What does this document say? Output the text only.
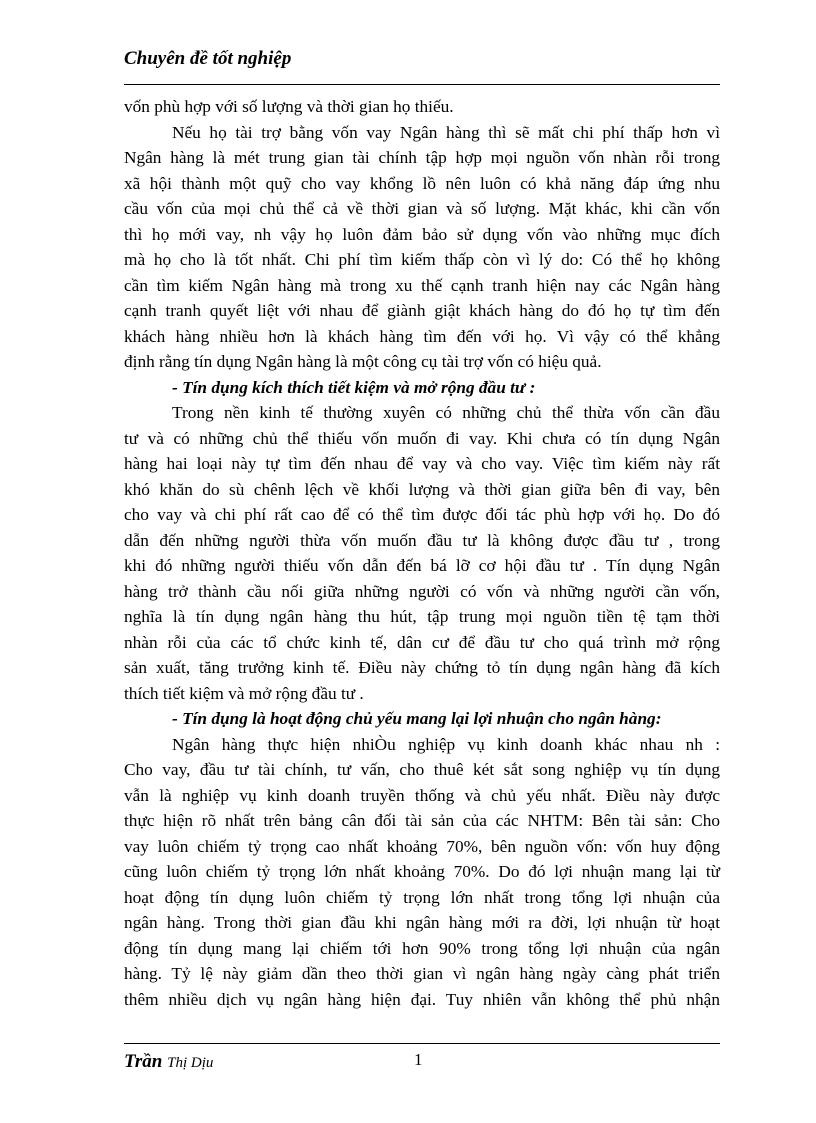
Chuyên đề tốt nghiệp
vốn phù hợp với số lượng và thời gian họ thiếu.
Nếu họ tài trợ bằng vốn vay Ngân hàng thì sẽ mất chi phí thấp hơn vì
Ngân hàng là mét trung gian tài chính tập hợp mọi nguồn vốn nhàn rỗi trong
xã hội thành một quỹ cho vay khổng lồ nên luôn có khả năng đáp ứng nhu
cầu vốn của mọi chủ thể cả về thời gian và số lượng. Mặt khác, khi cần vốn
thì họ mới vay, nh vậy họ luôn đảm bảo sử dụng vốn vào những mục đích
mà họ cho là tốt nhất. Chi phí tìm kiếm thấp còn vì lý do: Có thể họ không
cần tìm kiếm Ngân hàng mà trong xu thế cạnh tranh hiện nay các Ngân hàng
cạnh tranh quyết liệt với nhau để giành giật khách hàng do đó họ tự tìm đến
khách hàng nhiều hơn là khách hàng tìm đến với họ. Vì vậy có thể khẳng
định rằng tín dụng Ngân hàng là một công cụ tài trợ vốn có hiệu quả.
- Tín dụng kích thích tiết kiệm và mở rộng đầu tư :
Trong nền kinh tế thường xuyên có những chủ thể thừa vốn cần đầu
tư và có những chủ thể thiếu vốn muốn đi vay. Khi chưa có tín dụng Ngân
hàng hai loại này tự tìm đến nhau để vay và cho vay. Việc tìm kiếm này rất
khó khăn do sù chênh lệch về khối lượng và thời gian giữa bên đi vay, bên
cho vay và chi phí rất cao để có thể tìm được đối tác phù hợp với họ. Do đó
dẫn đến những người thừa vốn muốn đầu tư là không được đầu tư , trong
khi đó những người thiếu vốn dẫn đến bá lỡ cơ hội đầu tư . Tín dụng Ngân
hàng trở thành cầu nối giữa những người có vốn và những người cần vốn,
nghĩa là tín dụng ngân hàng thu hút, tập trung mọi nguồn tiền tệ tạm thời
nhàn rỗi của các tổ chức kinh tế, dân cư để đầu tư cho quá trình mở rộng
sản xuất, tăng trưởng kinh tế. Điều này chứng tỏ tín dụng ngân hàng đã kích
thích tiết kiệm và mở rộng đầu tư .
- Tín dụng là hoạt động chủ yếu mang lại lợi nhuận cho ngân hàng:
Ngân hàng thực hiện nhiÒu nghiệp vụ kinh doanh khác nhau nh :
Cho vay, đầu tư tài chính, tư vấn, cho thuê két sắt song nghiệp vụ tín dụng
vẫn là nghiệp vụ kinh doanh truyền thống và chủ yếu nhất. Điều này được
thực hiện rõ nhất trên bảng cân đối tài sản của các NHTM: Bên tài sản: Cho
vay luôn chiếm tỷ trọng cao nhất khoảng 70%, bên nguồn vốn: vốn huy động
cũng luôn chiếm tỷ trọng lớn nhất khoảng 70%. Do đó lợi nhuận mang lại từ
hoạt động tín dụng luôn chiếm tỷ trọng lớn nhất trong tổng lợi nhuận của
ngân hàng. Trong thời gian đầu khi ngân hàng mới ra đời, lợi nhuận từ hoạt
động tín dụng mang lại chiếm tới hơn 90% trong tổng lợi nhuận của ngân
hàng. Tỷ lệ này giảm dần theo thời gian vì ngân hàng ngày càng phát triển
thêm nhiều dịch vụ ngân hàng hiện đại. Tuy nhiên vẫn không thể phủ nhận
Trần Thị Dịu	1
